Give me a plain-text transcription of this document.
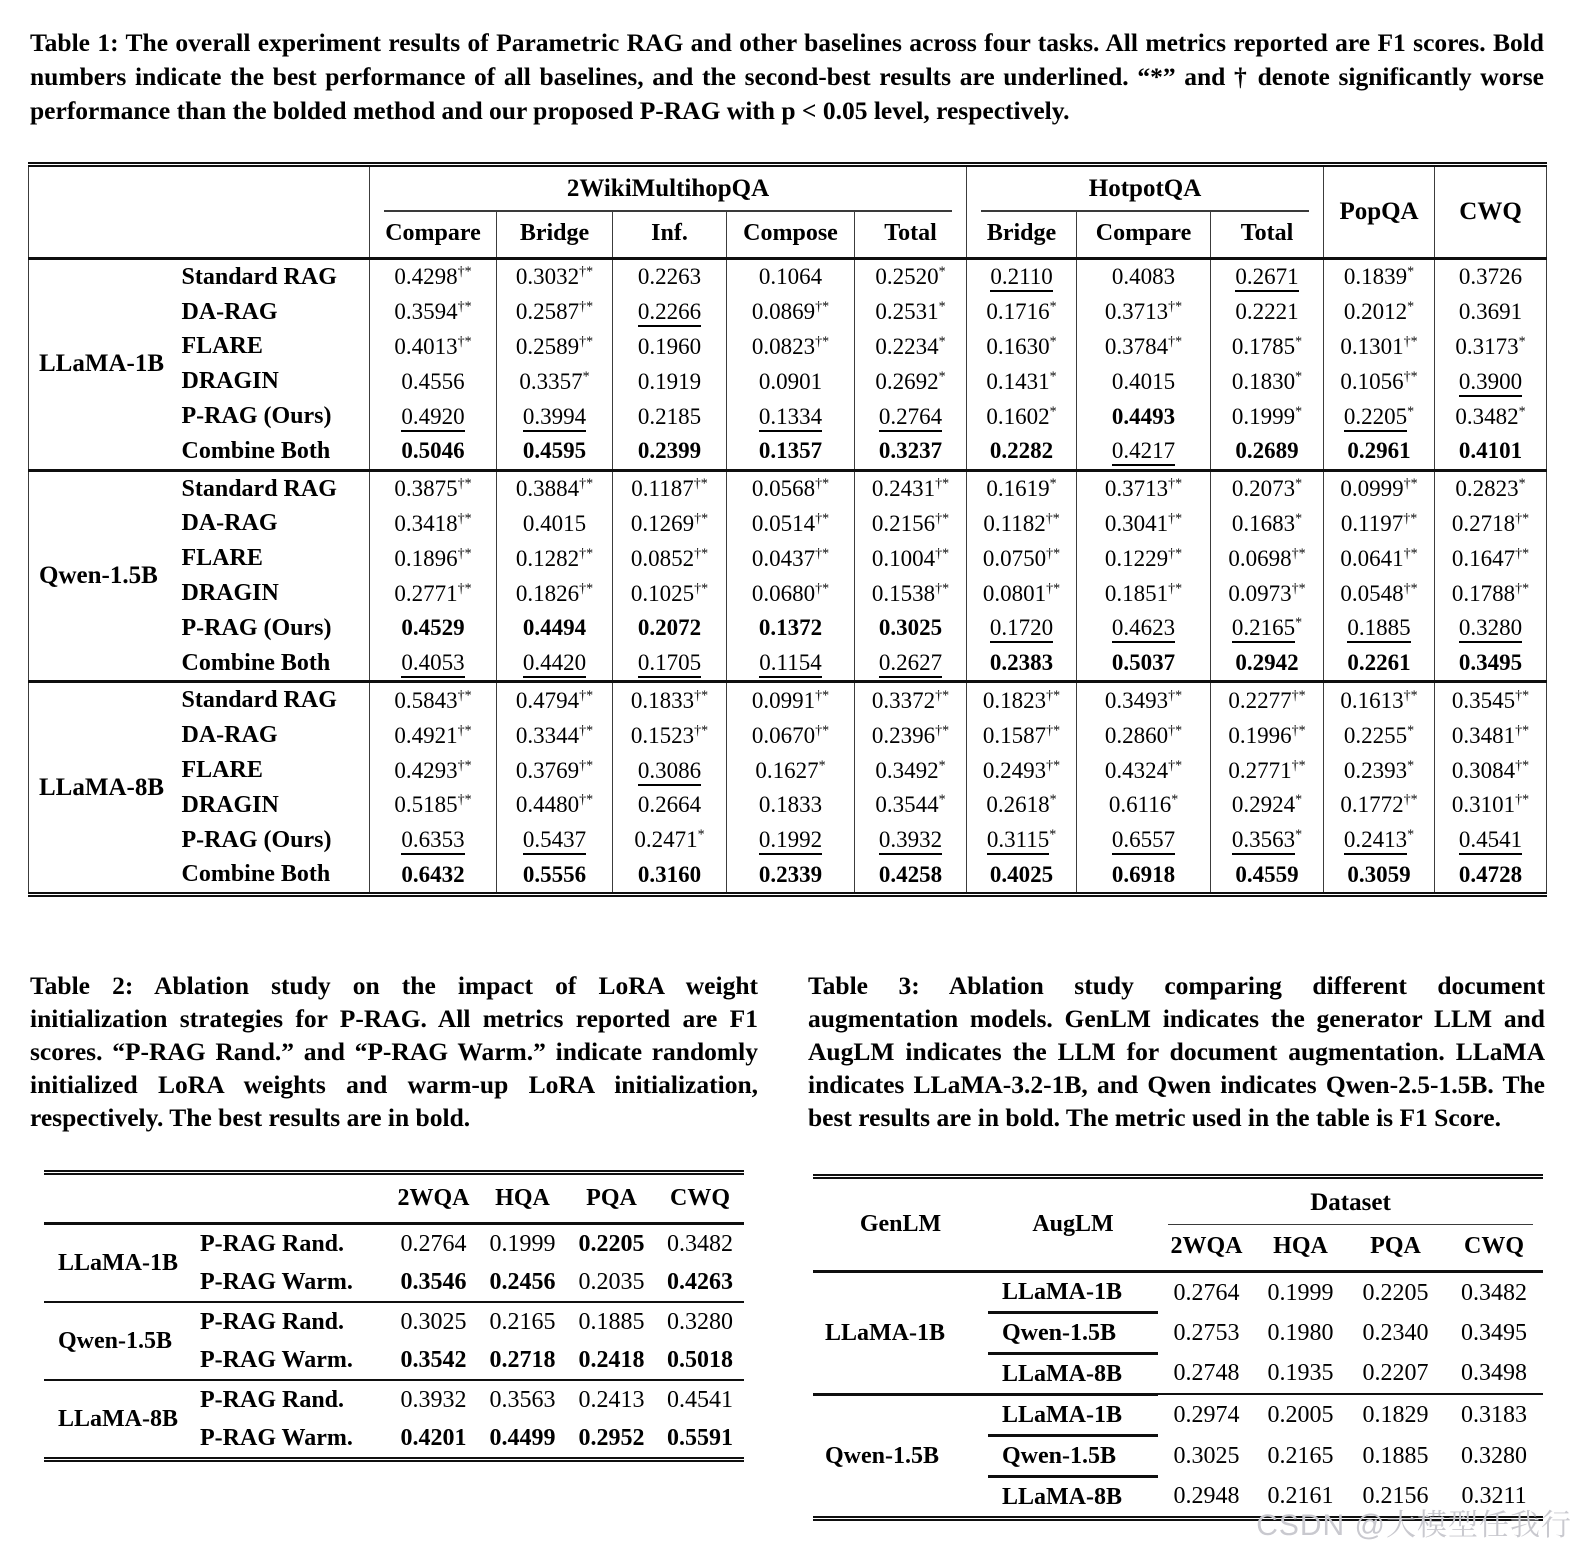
Table 1: The overall experiment results of Parametric RAG and other baselines across four tasks. All metrics reported are F1 scores. Bold numbers indicate the best performance of all baselines, and the second-best results are underlined. “*” and † denote significantly worse performance than the bolded method and our proposed P-RAG with p < 0.05 level, respectively.

		2WikiMultihopQA					HotpotQA			PopQA	CWQ
		Compare	Bridge	Inf.	Compose	Total	Bridge	Compare	Total		
LLaMA-1B	Standard RAG	0.4298†*	0.3032†*	0.2263	0.1064	0.2520*	0.2110	0.4083	0.2671	0.1839*	0.3726
	DA-RAG	0.3594†*	0.2587†*	0.2266	0.0869†*	0.2531*	0.1716*	0.3713†*	0.2221	0.2012*	0.3691
	FLARE	0.4013†*	0.2589†*	0.1960	0.0823†*	0.2234*	0.1630*	0.3784†*	0.1785*	0.1301†*	0.3173*
	DRAGIN	0.4556	0.3357*	0.1919	0.0901	0.2692*	0.1431*	0.4015	0.1830*	0.1056†*	0.3900
	P-RAG (Ours)	0.4920	0.3994	0.2185	0.1334	0.2764	0.1602*	0.4493	0.1999*	0.2205*	0.3482*
	Combine Both	0.5046	0.4595	0.2399	0.1357	0.3237	0.2282	0.4217	0.2689	0.2961	0.4101
Qwen-1.5B	Standard RAG	0.3875†*	0.3884†*	0.1187†*	0.0568†*	0.2431†*	0.1619*	0.3713†*	0.2073*	0.0999†*	0.2823*
	DA-RAG	0.3418†*	0.4015	0.1269†*	0.0514†*	0.2156†*	0.1182†*	0.3041†*	0.1683*	0.1197†*	0.2718†*
	FLARE	0.1896†*	0.1282†*	0.0852†*	0.0437†*	0.1004†*	0.0750†*	0.1229†*	0.0698†*	0.0641†*	0.1647†*
	DRAGIN	0.2771†*	0.1826†*	0.1025†*	0.0680†*	0.1538†*	0.0801†*	0.1851†*	0.0973†*	0.0548†*	0.1788†*
	P-RAG (Ours)	0.4529	0.4494	0.2072	0.1372	0.3025	0.1720	0.4623	0.2165*	0.1885	0.3280
	Combine Both	0.4053	0.4420	0.1705	0.1154	0.2627	0.2383	0.5037	0.2942	0.2261	0.3495
LLaMA-8B	Standard RAG	0.5843†*	0.4794†*	0.1833†*	0.0991†*	0.3372†*	0.1823†*	0.3493†*	0.2277†*	0.1613†*	0.3545†*
	DA-RAG	0.4921†*	0.3344†*	0.1523†*	0.0670†*	0.2396†*	0.1587†*	0.2860†*	0.1996†*	0.2255*	0.3481†*
	FLARE	0.4293†*	0.3769†*	0.3086	0.1627*	0.3492*	0.2493†*	0.4324†*	0.2771†*	0.2393*	0.3084†*
	DRAGIN	0.5185†*	0.4480†*	0.2664	0.1833	0.3544*	0.2618*	0.6116*	0.2924*	0.1772†*	0.3101†*
	P-RAG (Ours)	0.6353	0.5437	0.2471*	0.1992	0.3932	0.3115*	0.6557	0.3563*	0.2413*	0.4541
	Combine Both	0.6432	0.5556	0.3160	0.2339	0.4258	0.4025	0.6918	0.4559	0.3059	0.4728

Table 2: Ablation study on the impact of LoRA weight initialization strategies for P-RAG. All metrics reported are F1 scores. “P-RAG Rand.” and “P-RAG Warm.” indicate randomly initialized LoRA weights and warm-up LoRA initialization, respectively. The best results are in bold.

		2WQA	HQA	PQA	CWQ
LLaMA-1B	P-RAG Rand.	0.2764	0.1999	0.2205	0.3482
	P-RAG Warm.	0.3546	0.2456	0.2035	0.4263
Qwen-1.5B	P-RAG Rand.	0.3025	0.2165	0.1885	0.3280
	P-RAG Warm.	0.3542	0.2718	0.2418	0.5018
LLaMA-8B	P-RAG Rand.	0.3932	0.3563	0.2413	0.4541
	P-RAG Warm.	0.4201	0.4499	0.2952	0.5591

Table 3: Ablation study comparing different document augmentation models. GenLM indicates the generator LLM and AugLM indicates the LLM for document augmentation. LLaMA indicates LLaMA-3.2-1B, and Qwen indicates Qwen-2.5-1.5B. The best results are in bold. The metric used in the table is F1 Score.

GenLM	AugLM	Dataset			

		2WQA	HQA	PQA	CWQ
LLaMA-1B	LLaMA-1B	0.2764	0.1999	0.2205	0.3482
	Qwen-1.5B	0.2753	0.1980	0.2340	0.3495
	LLaMA-8B	0.2748	0.1935	0.2207	0.3498
Qwen-1.5B	LLaMA-1B	0.2974	0.2005	0.1829	0.3183
	Qwen-1.5B	0.3025	0.2165	0.1885	0.3280
	LLaMA-8B	0.2948	0.2161	0.2156	0.3211
CSDN @大模型任我行
